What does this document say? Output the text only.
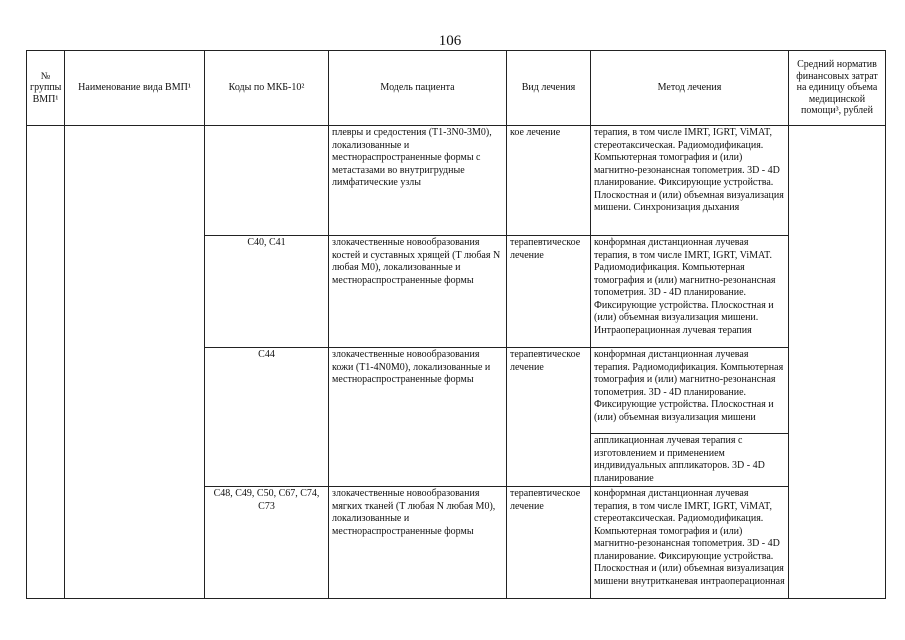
106
№ группы ВМП¹	Наименование вида ВМП¹	Коды по МКБ-10²	Модель пациента	Вид лечения	Метод лечения	Средний норматив финансовых затрат на единицу объема медицинской помощи³, рублей
			плевры и средостения (T1-3N0-3M0), локализованные и местнораспространенные формы с метастазами во внутригрудные лимфатические узлы	кое лечение	терапия, в том числе IMRT, IGRT, ViMAT, стереотаксическая. Радиомодификация. Компьютерная томография и (или) магнитно-резонансная топометрия. 3D - 4D планирование. Фиксирующие устройства. Плоскостная и (или) объемная визуализация мишени. Синхронизация дыхания	
		C40, C41	злокачественные новообразования костей и суставных хрящей (T любая N любая M0), локализованные и местнораспространенные формы	терапевтическое лечение	конформная дистанционная лучевая терапия, в том числе IMRT, IGRT, ViMAT. Радиомодификация. Компьютерная томография и (или) магнитно-резонансная топометрия. 3D - 4D планирование. Фиксирующие устройства. Плоскостная и (или) объемная визуализация мишени. Интраоперационная лучевая терапия	
		C44	злокачественные новообразования кожи (T1-4N0M0), локализованные и местнораспространенные формы	терапевтическое лечение	конформная дистанционная лучевая терапия. Радиомодификация. Компьютерная томография и (или) магнитно-резонансная топометрия. 3D - 4D планирование. Фиксирующие устройства. Плоскостная и (или) объемная визуализация мишени	
					аппликационная лучевая терапия с изготовлением и применением индивидуальных аппликаторов. 3D - 4D планирование	
		C48, C49, C50, C67, C74, C73	злокачественные новообразования мягких тканей (T любая N любая M0), локализованные и местнораспространенные формы	терапевтическое лечение	конформная дистанционная лучевая терапия, в том числе IMRT, IGRT, ViMAT, стереотаксическая. Радиомодификация. Компьютерная томография и (или) магнитно-резонансная топометрия. 3D - 4D планирование. Фиксирующие устройства. Плоскостная и (или) объемная визуализация мишени внутритканевая интраоперационная	
